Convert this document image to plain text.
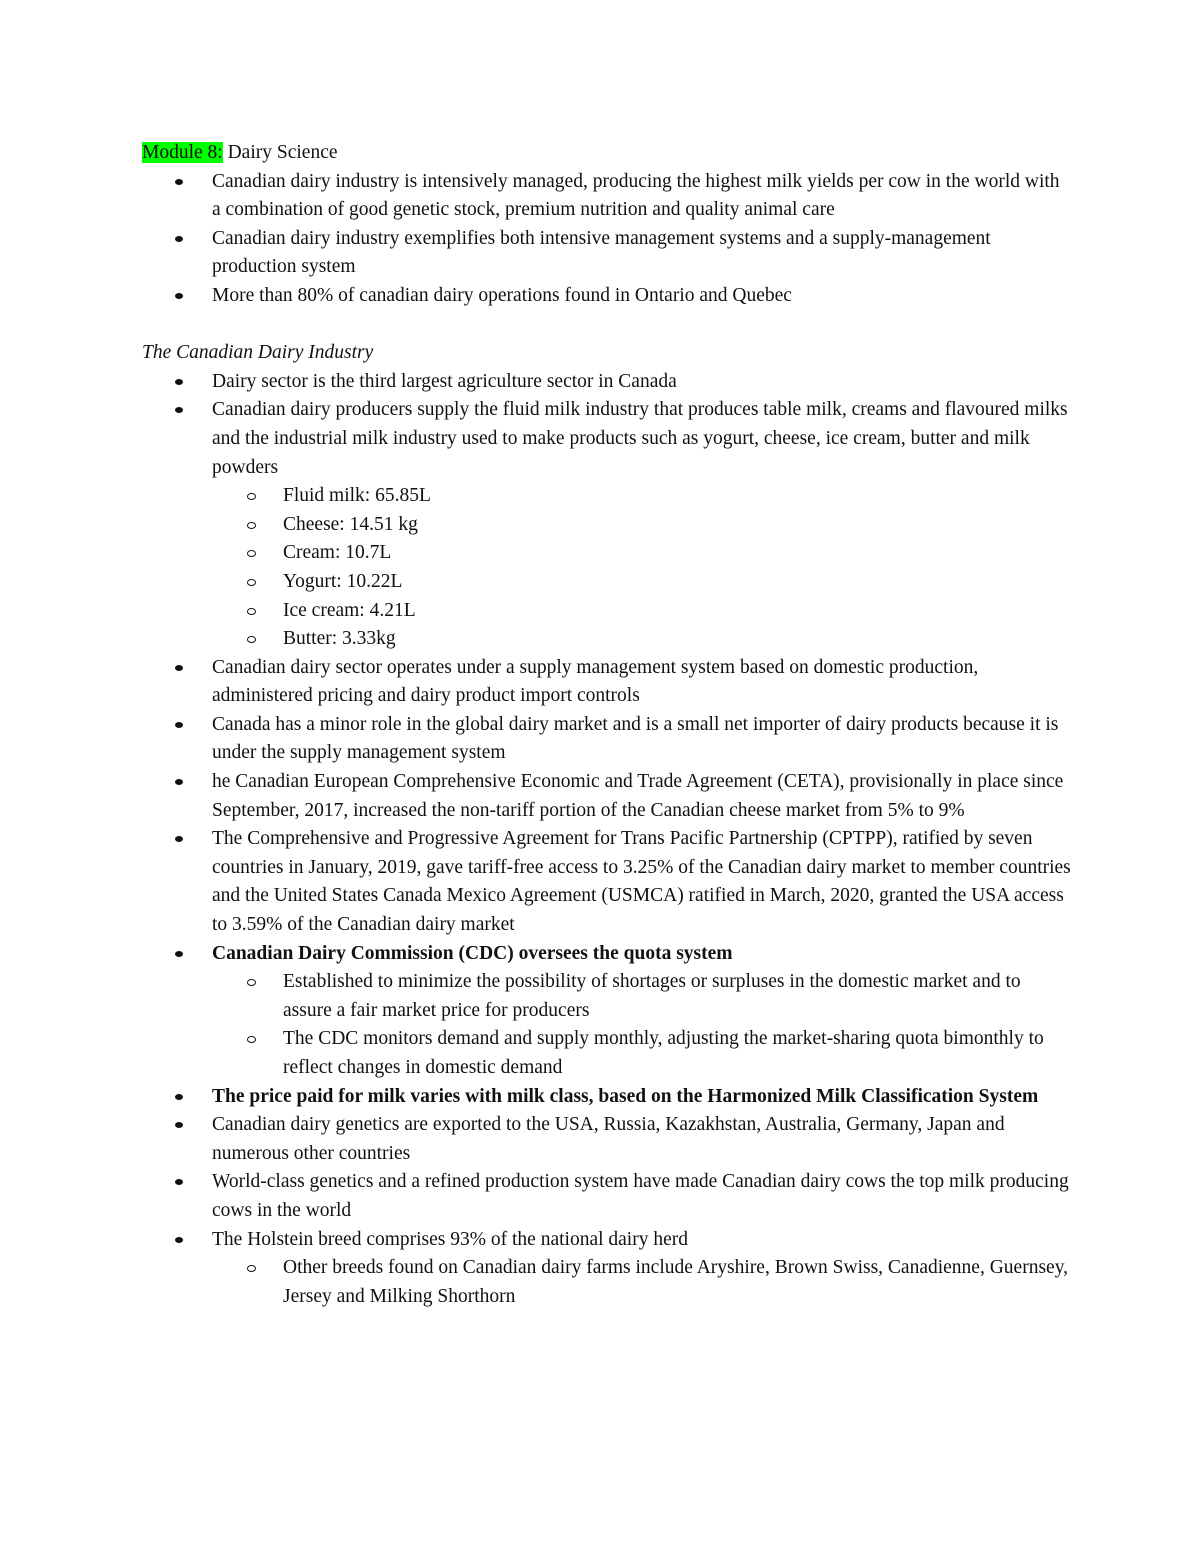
Module 8: Dairy Science

Canadian dairy industry is intensively managed, producing the highest milk yields per cow in the world with a combination of good genetic stock, premium nutrition and quality animal care
Canadian dairy industry exemplifies both intensive management systems and a supply-management production system
More than 80% of canadian dairy operations found in Ontario and Quebec

The Canadian Dairy Industry

Dairy sector is the third largest agriculture sector in Canada
Canadian dairy producers supply the fluid milk industry that produces table milk, creams and flavoured milks and the industrial milk industry used to make products such as yogurt, cheese, ice cream, butter and milk powders
Fluid milk: 65.85L
Cheese: 14.51 kg
Cream: 10.7L
Yogurt: 10.22L
Ice cream: 4.21L
Butter: 3.33kg
Canadian dairy sector operates under a supply management system based on domestic production, administered pricing and dairy product import controls
Canada has a minor role in the global dairy market and is a small net importer of dairy products because it is under the supply management system
he Canadian European Comprehensive Economic and Trade Agreement (CETA), provisionally in place since September, 2017, increased the non-tariff portion of the Canadian cheese market from 5% to 9%
The Comprehensive and Progressive Agreement for Trans Pacific Partnership (CPTPP), ratified by seven countries in January, 2019, gave tariff-free access to 3.25% of the Canadian dairy market to member countries and the United States Canada Mexico Agreement (USMCA) ratified in March, 2020, granted the USA access to 3.59% of the Canadian dairy market
Canadian Dairy Commission (CDC) oversees the quota system
Established to minimize the possibility of shortages or surpluses in the domestic market and to assure a fair market price for producers
The CDC monitors demand and supply monthly, adjusting the market-sharing quota bimonthly to reflect changes in domestic demand
The price paid for milk varies with milk class, based on the Harmonized Milk Classification System
Canadian dairy genetics are exported to the USA, Russia, Kazakhstan, Australia, Germany, Japan and numerous other countries
World-class genetics and a refined production system have made Canadian dairy cows the top milk producing cows in the world
The Holstein breed comprises 93% of the national dairy herd
Other breeds found on Canadian dairy farms include Aryshire, Brown Swiss, Canadienne, Guernsey, Jersey and Milking Shorthorn
